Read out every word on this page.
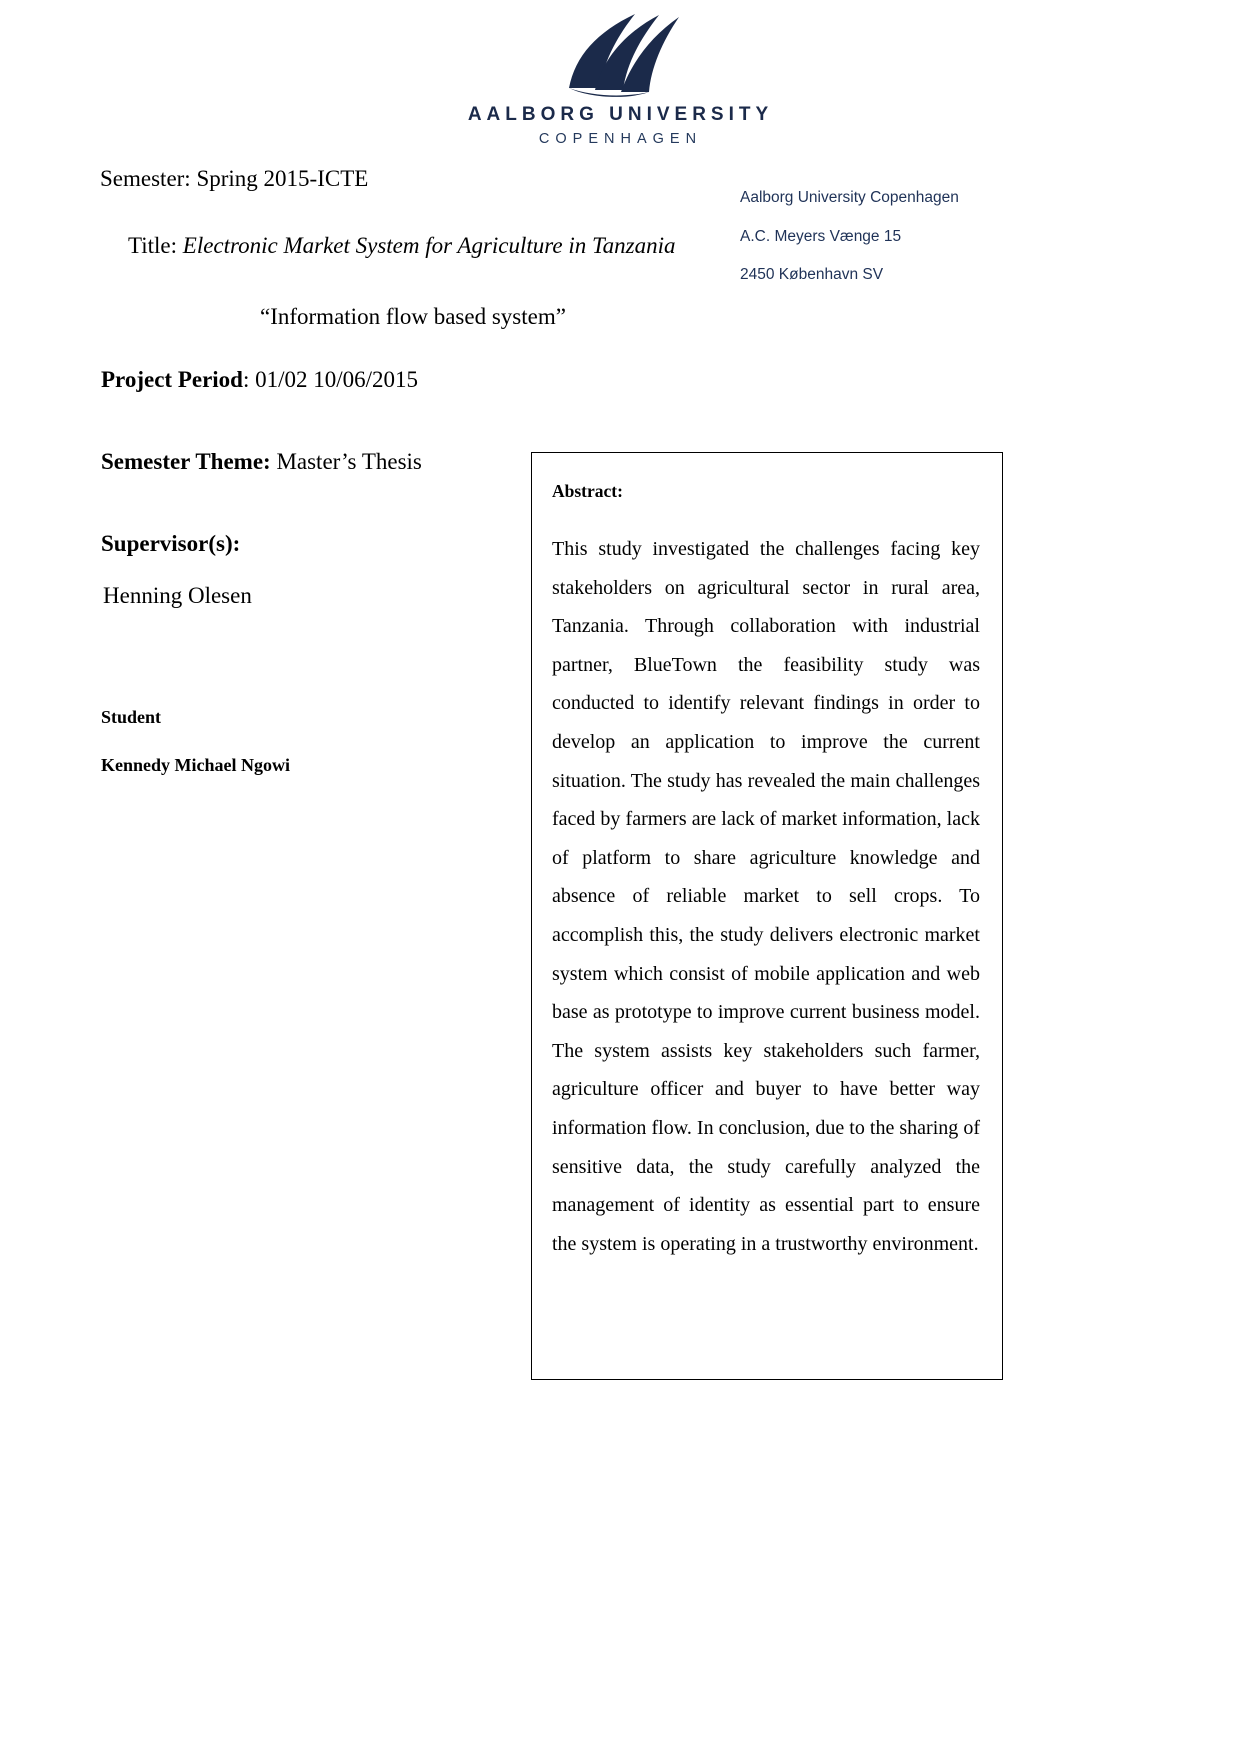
AALBORG UNIVERSITY
COPENHAGEN
Semester: Spring 2015-ICTE
Title: Electronic Market System for Agriculture in Tanzania
“Information flow based system”
Project Period: 01/02 10/06/2015
Semester Theme: Master’s Thesis
Supervisor(s):
Henning Olesen
Student
Kennedy Michael Ngowi
Aalborg University Copenhagen
A.C. Meyers Vænge 15
2450 København SV
Abstract:

This study investigated the challenges facing key stakeholders on agricultural sector in rural area, Tanzania. Through collaboration with industrial partner, BlueTown the feasibility study was conducted to identify relevant findings in order to develop an application to improve the current situation. The study has revealed the main challenges faced by farmers are lack of market information, lack of platform to share agriculture knowledge and absence of reliable market to sell crops. To accomplish this, the study delivers electronic market system which consist of mobile application and web base as prototype to improve current business model. The system assists key stakeholders such farmer, agriculture officer and buyer to have better way information flow. In conclusion, due to the sharing of sensitive data, the study carefully analyzed the management of identity as essential part to ensure the system is operating in a trustworthy environment.
